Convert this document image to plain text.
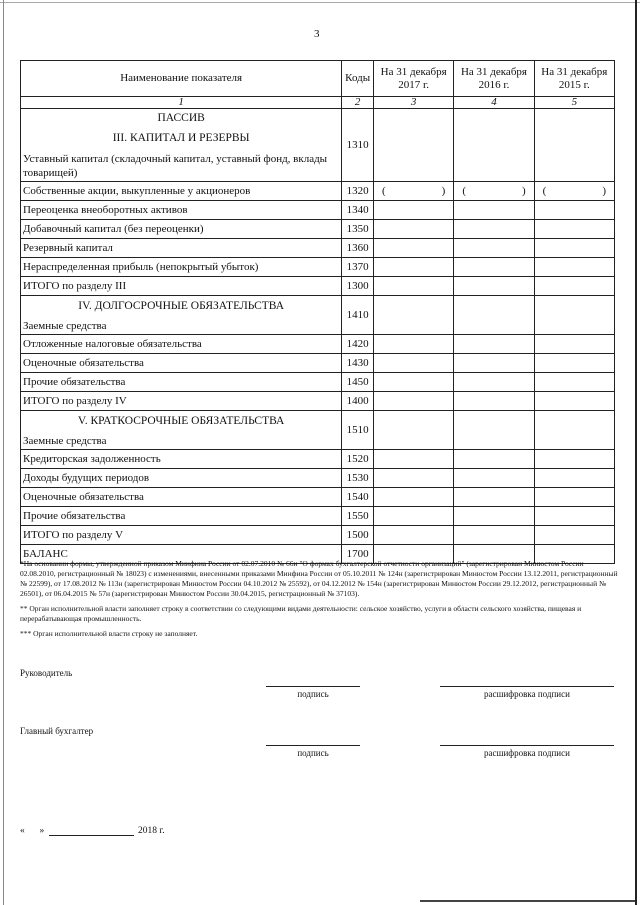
3
Наименование показателя	Коды	На 31 декабря 2017 г.	На 31 декабря 2016 г.	На 31 декабря 2015 г.
1	2	3	4	5

ПАССИВ
III. КАПИТАЛ И РЕЗЕРВЫ
Уставный капитал (складочный капитал, уставный фонд, вклады товарищей)	1310			
Собственные акции, выкупленные у акционеров	1320	( )	( )	( )

Переоценка внеоборотных активов	1340			
Добавочный капитал (без переоценки)	1350			
Резервный капитал	1360			
Нераспределенная прибыль (непокрытый убыток)	1370			
ИТОГО по разделу III	1300			

IV. ДОЛГОСРОЧНЫЕ ОБЯЗАТЕЛЬСТВА
Заемные средства	1410			
Отложенные налоговые обязательства	1420			
Оценочные обязательства	1430			
Прочие обязательства	1450			
ИТОГО по разделу IV	1400			

V. КРАТКОСРОЧНЫЕ ОБЯЗАТЕЛЬСТВА
Заемные средства	1510			
Кредиторская задолженность	1520			
Доходы будущих периодов	1530			
Оценочные обязательства	1540			
Прочие обязательства	1550			
ИТОГО по разделу V	1500			
БАЛАНС	1700			

*На основании формы, утвержденной приказом Минфина России от 02.07.2010 № 66н "О формах бухгалтерской отчетности организаций" (зарегистрирован Минюстом России 02.08.2010, регистрационный № 18023) с изменениями, внесенными приказами Минфина России от 05.10.2011 № 124н (зарегистрирован Минюстом России 13.12.2011, регистрационный № 22599), от 17.08.2012 № 113н (зарегистрирован Минюстом России 04.10.2012 № 25592), от 04.12.2012 № 154н (зарегистрирован Минюстом России 29.12.2012, регистрационный № 26501), от 06.04.2015 № 57н (зарегистрирован Минюстом России 30.04.2015, регистрационный № 37103).

** Орган исполнительной власти заполняет строку в соответствии со следующими видами деятельности: сельское хозяйство, услуги в области сельского хозяйства, пищевая и перерабатывающая промышленность.

*** Орган исполнительной власти строку не заполняет.

Руководитель
подпись	расшифровка подписи
Главный бухгалтер
подпись	расшифровка подписи
« »	2018 г.
